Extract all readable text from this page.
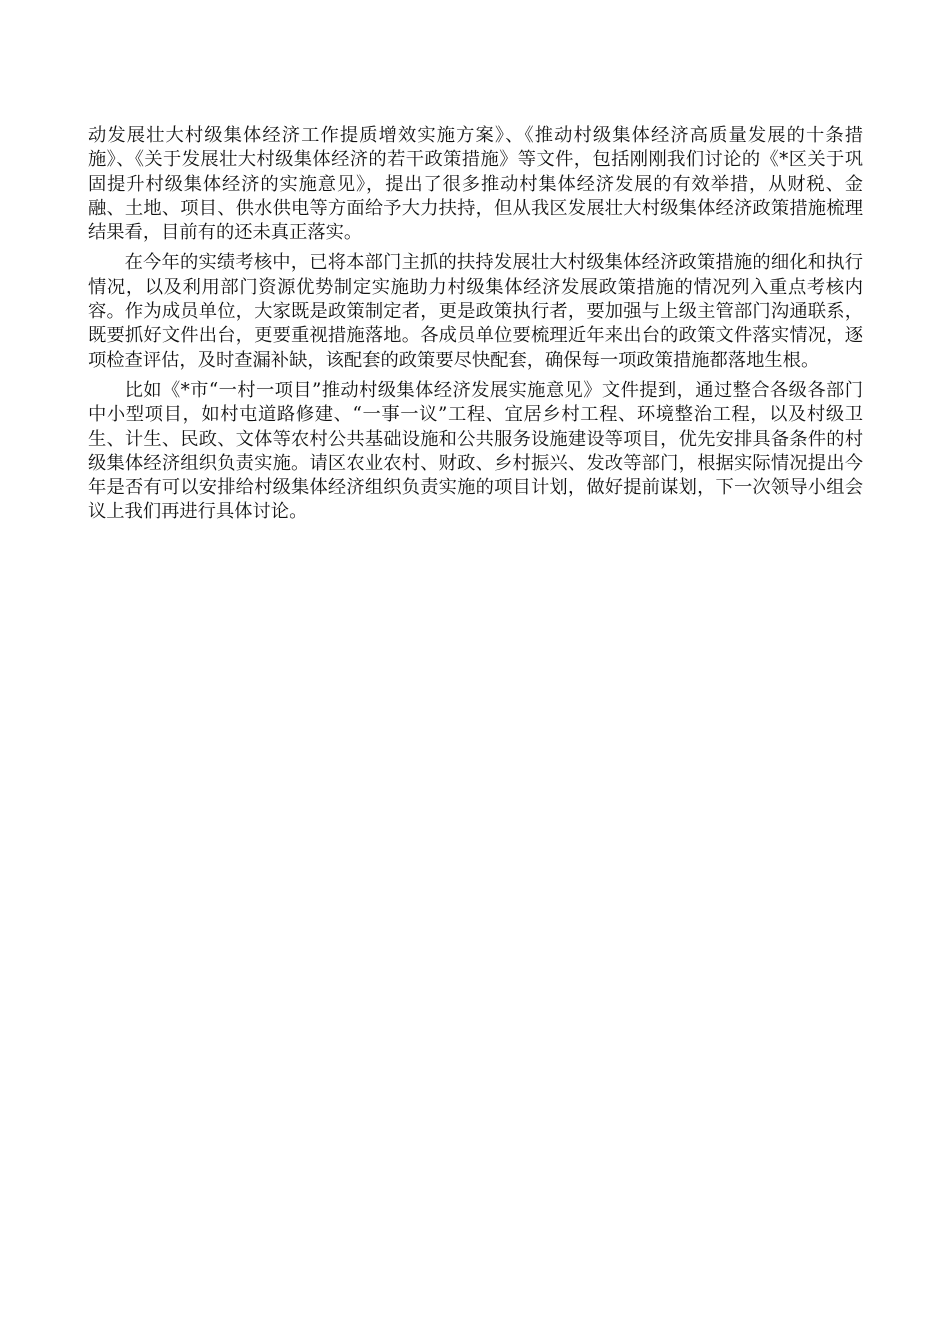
动发展壮大村级集体经济工作提质增效实施方案》、《推动村级集体经济高质量发展的十条措施》、《关于发展壮大村级集体经济的若干政策措施》等文件，包括刚刚我们讨论的《*区关于巩固提升村级集体经济的实施意见》，提出了很多推动村集体经济发展的有效举措，从财税、金融、土地、项目、供水供电等方面给予大力扶持，但从我区发展壮大村级集体经济政策措施梳理结果看，目前有的还未真正落实。

在今年的实绩考核中，已将本部门主抓的扶持发展壮大村级集体经济政策措施的细化和执行情况，以及利用部门资源优势制定实施助力村级集体经济发展政策措施的情况列入重点考核内容。作为成员单位，大家既是政策制定者，更是政策执行者，要加强与上级主管部门沟通联系，既要抓好文件出台，更要重视措施落地。各成员单位要梳理近年来出台的政策文件落实情况，逐项检查评估，及时查漏补缺，该配套的政策要尽快配套，确保每一项政策措施都落地生根。

比如《*市“一村一项目”推动村级集体经济发展实施意见》文件提到，通过整合各级各部门中小型项目，如村屯道路修建、“一事一议”工程、宜居乡村工程、环境整治工程，以及村级卫生、计生、民政、文体等农村公共基础设施和公共服务设施建设等项目，优先安排具备条件的村级集体经济组织负责实施。请区农业农村、财政、乡村振兴、发改等部门，根据实际情况提出今年是否有可以安排给村级集体经济组织负责实施的项目计划，做好提前谋划，下一次领导小组会议上我们再进行具体讨论。
